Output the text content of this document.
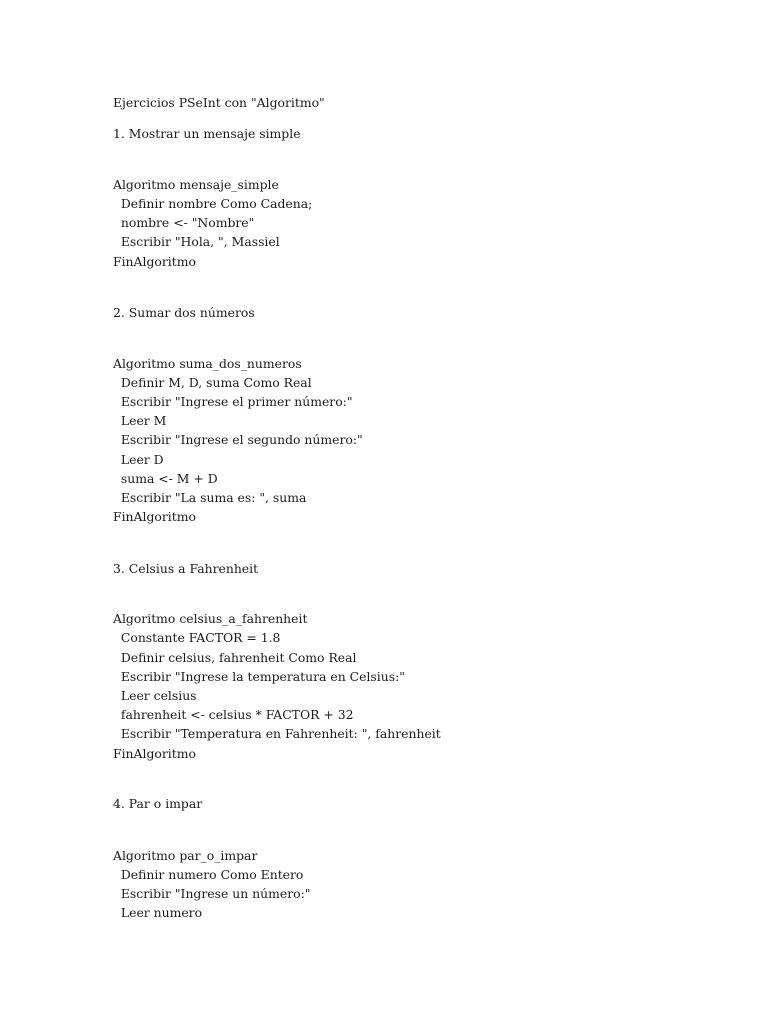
Ejercicios PSeInt con "Algoritmo"
1. Mostrar un mensaje simple
Algoritmo mensaje_simple
Definir nombre Como Cadena;
nombre <- "Nombre"
Escribir "Hola, ", Massiel
FinAlgoritmo
2. Sumar dos números
Algoritmo suma_dos_numeros
Definir M, D, suma Como Real
Escribir "Ingrese el primer número:"
Leer M
Escribir "Ingrese el segundo número:"
Leer D
suma <- M + D
Escribir "La suma es: ", suma
FinAlgoritmo
3. Celsius a Fahrenheit
Algoritmo celsius_a_fahrenheit
Constante FACTOR = 1.8
Definir celsius, fahrenheit Como Real
Escribir "Ingrese la temperatura en Celsius:"
Leer celsius
fahrenheit <- celsius * FACTOR + 32
Escribir "Temperatura en Fahrenheit: ", fahrenheit
FinAlgoritmo
4. Par o impar
Algoritmo par_o_impar
Definir numero Como Entero
Escribir "Ingrese un número:"
Leer numero
